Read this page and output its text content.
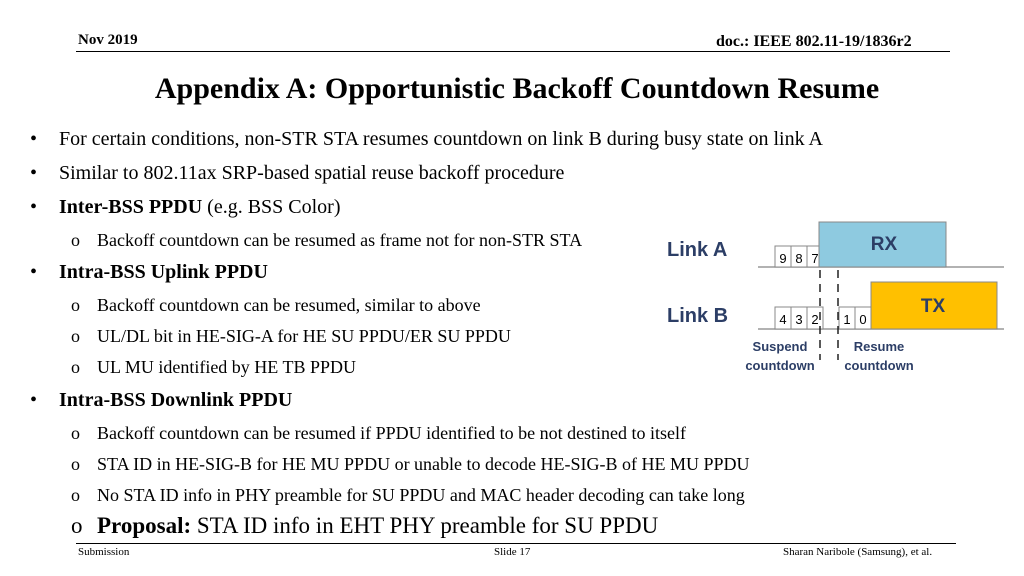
Nov 2019	doc.: IEEE 802.11-19/1836r2
Appendix A: Opportunistic Backoff Countdown Resume
• For certain conditions, non-STR STA resumes countdown on link B during busy state on link A
• Similar to 802.11ax SRP-based spatial reuse backoff procedure
• Inter-BSS PPDU (e.g. BSS Color)
o Backoff countdown can be resumed as frame not for non-STR STA
• Intra-BSS Uplink PPDU
o Backoff countdown can be resumed, similar to above
o UL/DL bit in HE-SIG-A for HE SU PPDU/ER SU PPDU
o UL MU identified by HE TB PPDU
• Intra-BSS Downlink PPDU
o Backoff countdown can be resumed if PPDU identified to be not destined to itself
o STA ID in HE-SIG-B for HE MU PPDU or unable to decode HE-SIG-B of HE MU PPDU
o No STA ID info in PHY preamble for SU PPDU and MAC header decoding can take long
o Proposal: STA ID info in EHT PHY preamble for SU PPDU
Link A	9 8 7
RX
Link B	4 3 2 1 0
TX
Suspend
countdown
Resume
countdown
Submission	Slide 17	Sharan Naribole (Samsung), et al.
